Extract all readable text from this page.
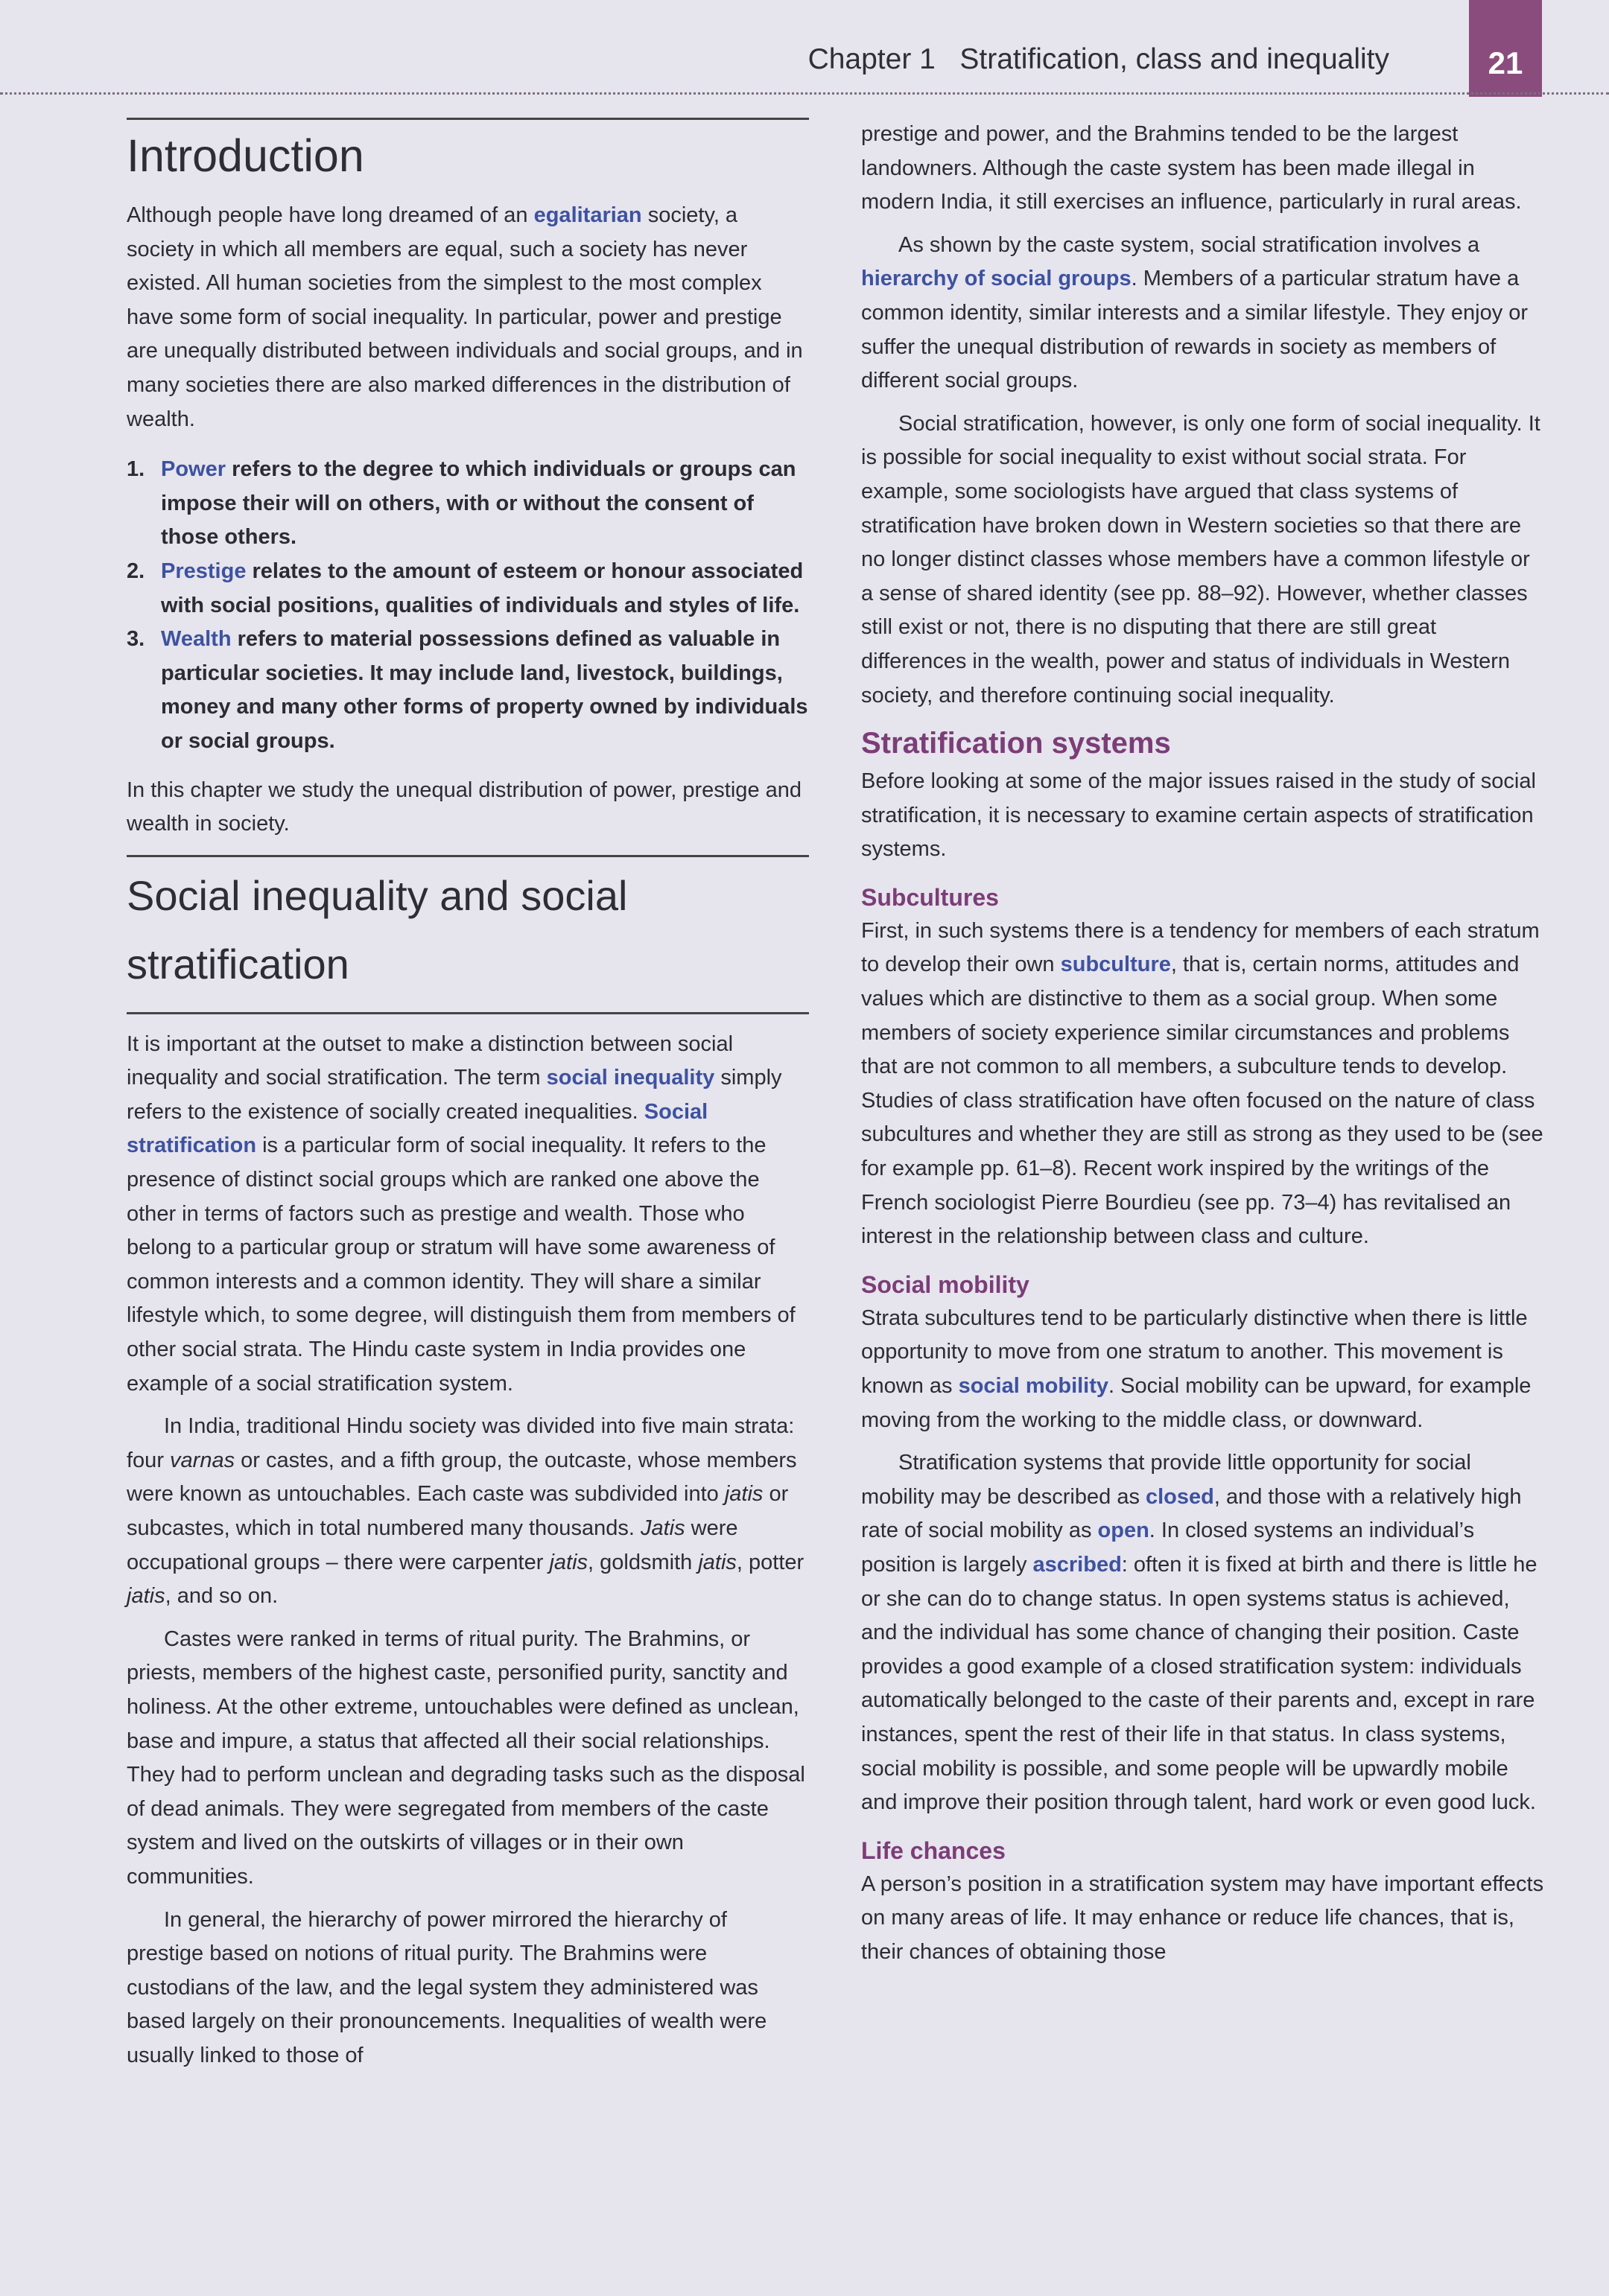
Chapter 1 Stratification, class and inequality	21
Introduction

Although people have long dreamed of an egalitarian society, a society in which all members are equal, such a society has never existed. All human societies from the simplest to the most complex have some form of social inequality. In particular, power and prestige are unequally distributed between individuals and social groups, and in many societies there are also marked differences in the distribution of wealth.

1. Power refers to the degree to which individuals or groups can impose their will on others, with or without the consent of those others.
2. Prestige relates to the amount of esteem or honour associated with social positions, qualities of individuals and styles of life.
3. Wealth refers to material possessions defined as valuable in particular societies. It may include land, livestock, buildings, money and many other forms of property owned by individuals or social groups.

In this chapter we study the unequal distribution of power, prestige and wealth in society.

Social inequality and social
stratification

It is important at the outset to make a distinction between social inequality and social stratification. The term social inequality simply refers to the existence of socially created inequalities. Social stratification is a particular form of social inequality. It refers to the presence of distinct social groups which are ranked one above the other in terms of factors such as prestige and wealth. Those who belong to a particular group or stratum will have some awareness of common interests and a common identity. They will share a similar lifestyle which, to some degree, will distinguish them from members of other social strata. The Hindu caste system in India provides one example of a social stratification system.

In India, traditional Hindu society was divided into five main strata: four varnas or castes, and a fifth group, the outcaste, whose members were known as untouchables. Each caste was subdivided into jatis or subcastes, which in total numbered many thousands. Jatis were occupational groups – there were carpenter jatis, goldsmith jatis, potter jatis, and so on.

Castes were ranked in terms of ritual purity. The Brahmins, or priests, members of the highest caste, personified purity, sanctity and holiness. At the other extreme, untouchables were defined as unclean, base and impure, a status that affected all their social relationships. They had to perform unclean and degrading tasks such as the disposal of dead animals. They were segregated from members of the caste system and lived on the outskirts of villages or in their own communities.

In general, the hierarchy of power mirrored the hierarchy of prestige based on notions of ritual purity. The Brahmins were custodians of the law, and the legal system they administered was based largely on their pronouncements. Inequalities of wealth were usually linked to those of

prestige and power, and the Brahmins tended to be the largest landowners. Although the caste system has been made illegal in modern India, it still exercises an influence, particularly in rural areas.

As shown by the caste system, social stratification involves a hierarchy of social groups. Members of a particular stratum have a common identity, similar interests and a similar lifestyle. They enjoy or suffer the unequal distribution of rewards in society as members of different social groups.

Social stratification, however, is only one form of social inequality. It is possible for social inequality to exist without social strata. For example, some sociologists have argued that class systems of stratification have broken down in Western societies so that there are no longer distinct classes whose members have a common lifestyle or a sense of shared identity (see pp. 88–92). However, whether classes still exist or not, there is no disputing that there are still great differences in the wealth, power and status of individuals in Western society, and therefore continuing social inequality.

Stratification systems

Before looking at some of the major issues raised in the study of social stratification, it is necessary to examine certain aspects of stratification systems.

Subcultures

First, in such systems there is a tendency for members of each stratum to develop their own subculture, that is, certain norms, attitudes and values which are distinctive to them as a social group. When some members of society experience similar circumstances and problems that are not common to all members, a subculture tends to develop. Studies of class stratification have often focused on the nature of class subcultures and whether they are still as strong as they used to be (see for example pp. 61–8). Recent work inspired by the writings of the French sociologist Pierre Bourdieu (see pp. 73–4) has revitalised an interest in the relationship between class and culture.

Social mobility

Strata subcultures tend to be particularly distinctive when there is little opportunity to move from one stratum to another. This movement is known as social mobility. Social mobility can be upward, for example moving from the working to the middle class, or downward.

Stratification systems that provide little opportunity for social mobility may be described as closed, and those with a relatively high rate of social mobility as open. In closed systems an individual’s position is largely ascribed: often it is fixed at birth and there is little he or she can do to change status. In open systems status is achieved, and the individual has some chance of changing their position. Caste provides a good example of a closed stratification system: individuals automatically belonged to the caste of their parents and, except in rare instances, spent the rest of their life in that status. In class systems, social mobility is possible, and some people will be upwardly mobile and improve their position through talent, hard work or even good luck.

Life chances

A person’s position in a stratification system may have important effects on many areas of life. It may enhance or reduce life chances, that is, their chances of obtaining those
